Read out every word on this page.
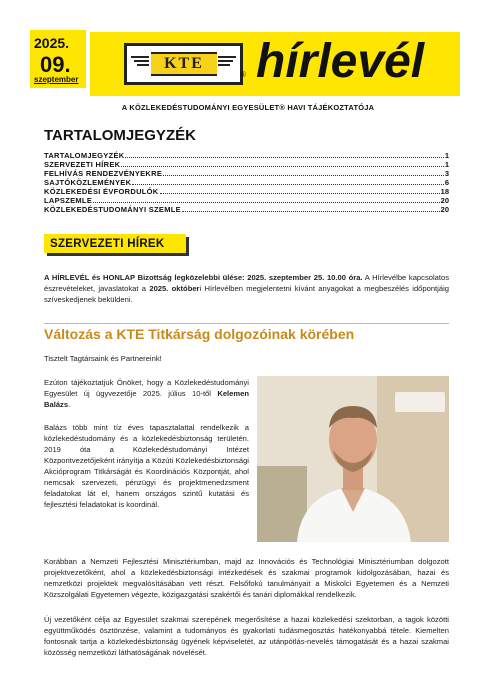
2025.
09.
szeptember
KTE
® hírlevél
A KÖZLEKEDÉSTUDOMÁNYI EGYESÜLET® HAVI TÁJÉKOZTATÓJA
TARTALOMJEGYZÉK
TARTALOMJEGYZÉK	1
SZERVEZETI HÍREK	1
FELHÍVÁS RENDEZVÉNYEKRE	3
SAJTÓKÖZLEMÉNYEK	6
KÖZLEKEDÉSI ÉVFORDULÓK	18
LAPSZEMLE	20
KÖZLEKEDÉSTUDOMÁNYI SZEMLE	20
SZERVEZETI HÍREK
A HÍRLEVÉL és HONLAP Bizottság legközelebbi ülése: 2025. szeptember 25. 10.00 óra. A Hírlevélbe kapcsolatos észrevételeket, javaslatokat a 2025. októberi Hírlevélben megjelentetni kívánt anyagokat a megbeszélés időpontjáig szíveskedjenek beküldeni.
Változás a KTE Titkárság dolgozóinak körében
Tisztelt Tagtársaink és Partnereink!
Ezúton tájékoztatjuk Önöket, hogy a Közlekedéstudományi Egyesület új ügyvezetője 2025. július 10-től Kelemen Balázs.
Balázs több mint tíz éves tapasztalattal rendelkezik a közlekedéstudomány és a közlekedésbiztonság területén. 2019 óta a Közlekedéstudományi Intézet Központvezetőjeként irányítja a Közúti Közlekedésbiztonsági Akcióprogram Titkárságát és Koordinációs Központját, ahol nemcsak szervezeti, pénzügyi és projektmenedzsment feladatokat lát el, hanem országos szintű kutatási és fejlesztési feladatokat is koordinál.
Korábban a Nemzeti Fejlesztési Minisztériumban, majd az Innovációs és Technológiai Minisztériumban dolgozott projektvezetőként, ahol a közlekedésbiztonsági intézkedések és szakmai programok kidolgozásában, hazai és nemzetközi projektek megvalósításában vett részt. Felsőfokú tanulmányait a Miskolci Egyetemen és a Nemzeti Közszolgálati Egyetemen végezte, közigazgatási szakértői és tanári diplomákkal rendelkezik.
Új vezetőként célja az Egyesület szakmai szerepének megerősítése a hazai közlekedési szektorban, a tagok közötti együttműködés ösztönzése, valamint a tudományos és gyakorlati tudásmegosztás hatékonyabbá tétele. Kiemelten fontosnak tartja a közlekedésbiztonság ügyének képviseletét, az utánpótlás-nevelés támogatását és a hazai szakmai közösség nemzetközi láthatóságának növelését.
